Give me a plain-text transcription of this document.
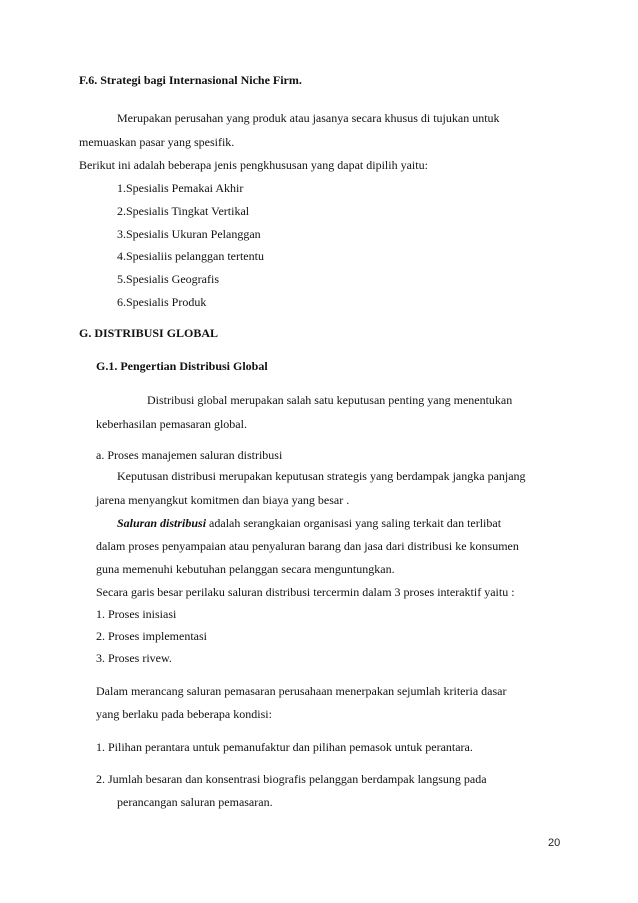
F.6. Strategi bagi Internasional Niche Firm.
Merupakan perusahan yang produk atau jasanya secara khusus di tujukan untuk
memuaskan pasar yang spesifik.
Berikut ini adalah beberapa jenis pengkhususan yang dapat dipilih yaitu:
1.Spesialis Pemakai Akhir
2.Spesialis Tingkat Vertikal
3.Spesialis Ukuran Pelanggan
4.Spesialiis pelanggan tertentu
5.Spesialis Geografis
6.Spesialis Produk
G. DISTRIBUSI GLOBAL
G.1. Pengertian Distribusi Global
Distribusi global merupakan salah satu keputusan penting yang menentukan
keberhasilan pemasaran global.
a. Proses manajemen saluran distribusi
Keputusan distribusi merupakan keputusan strategis yang berdampak jangka panjang
jarena menyangkut komitmen dan biaya yang besar .
Saluran distribusi adalah serangkaian organisasi yang saling terkait dan terlibat
dalam proses penyampaian atau penyaluran barang dan jasa dari distribusi ke konsumen
guna memenuhi kebutuhan pelanggan secara menguntungkan.
Secara garis besar perilaku saluran distribusi tercermin dalam 3 proses interaktif yaitu :
1. Proses inisiasi
2. Proses implementasi
3. Proses rivew.
Dalam merancang saluran pemasaran perusahaan menerpakan sejumlah kriteria dasar
yang berlaku pada beberapa kondisi:
1. Pilihan perantara untuk pemanufaktur dan pilihan pemasok untuk perantara.
2. Jumlah besaran dan konsentrasi biografis pelanggan berdampak langsung pada
perancangan saluran pemasaran.
20
